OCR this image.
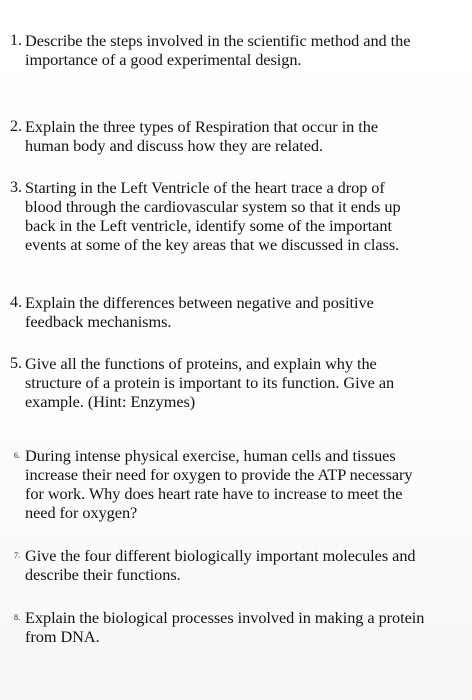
1. Describe the steps involved in the scientific method and the
importance of a good experimental design.
2. Explain the three types of Respiration that occur in the
human body and discuss how they are related.
3. Starting in the Left Ventricle of the heart trace a drop of
blood through the cardiovascular system so that it ends up
back in the Left ventricle, identify some of the important
events at some of the key areas that we discussed in class.
4. Explain the differences between negative and positive
feedback mechanisms.
5. Give all the functions of proteins, and explain why the
structure of a protein is important to its function. Give an
example. (Hint: Enzymes)
6. During intense physical exercise, human cells and tissues
increase their need for oxygen to provide the ATP necessary
for work. Why does heart rate have to increase to meet the
need for oxygen?
7. Give the four different biologically important molecules and
describe their functions.
8. Explain the biological processes involved in making a protein
from DNA.
